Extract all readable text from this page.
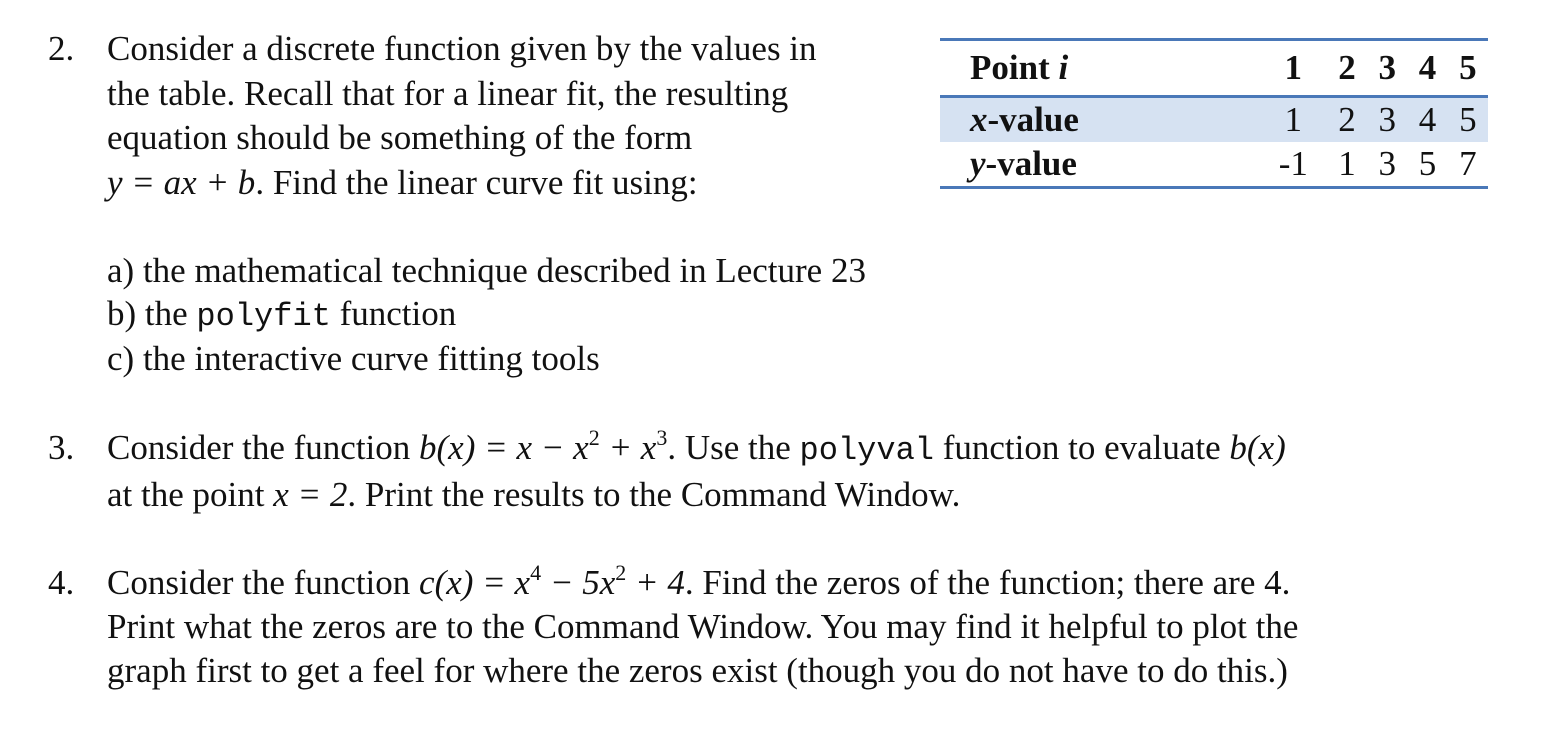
2. Consider a discrete function given by the values in
the table. Recall that for a linear fit, the resulting
equation should be something of the form
y = ax + b. Find the linear curve fit using:
a) the mathematical technique described in Lecture 23
b) the polyfit function
c) the interactive curve fitting tools
Point i	1	2	3	4	5
x-value	1	2	3	4	5
y-value	-1	1	3	5	7
3. Consider the function $b(x) = x - x^2 + x^3$. Use the polyval function to evaluate b(x)
at the point x = 2. Print the results to the Command Window.
4. Consider the function $c(x) = x^4 - 5x^2 + 4$. Find the zeros of the function; there are 4.
Print what the zeros are to the Command Window. You may find it helpful to plot the
graph first to get a feel for where the zeros exist (though you do not have to do this.)
